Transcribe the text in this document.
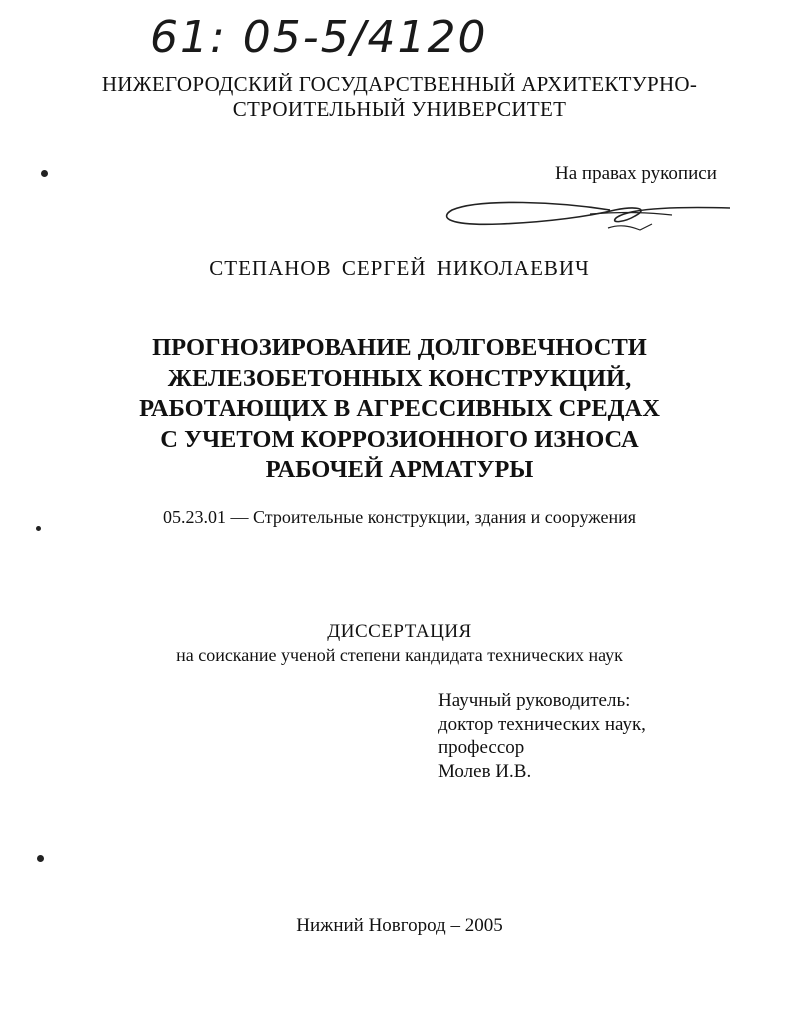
61: 05-5/4120
НИЖЕГОРОДСКИЙ ГОСУДАРСТВЕННЫЙ АРХИТЕКТУРНО-
СТРОИТЕЛЬНЫЙ УНИВЕРСИТЕТ
На правах рукописи
СТЕПАНОВ СЕРГЕЙ НИКОЛАЕВИЧ
ПРОГНОЗИРОВАНИЕ ДОЛГОВЕЧНОСТИ
ЖЕЛЕЗОБЕТОННЫХ КОНСТРУКЦИЙ,
РАБОТАЮЩИХ В АГРЕССИВНЫХ СРЕДАХ
С УЧЕТОМ КОРРОЗИОННОГО ИЗНОСА
РАБОЧЕЙ АРМАТУРЫ
05.23.01 — Строительные конструкции, здания и сооружения
ДИССЕРТАЦИЯ
на соискание ученой степени кандидата технических наук
Научный руководитель:
доктор технических наук,
профессор
Молев И.В.
Нижний Новгород – 2005
